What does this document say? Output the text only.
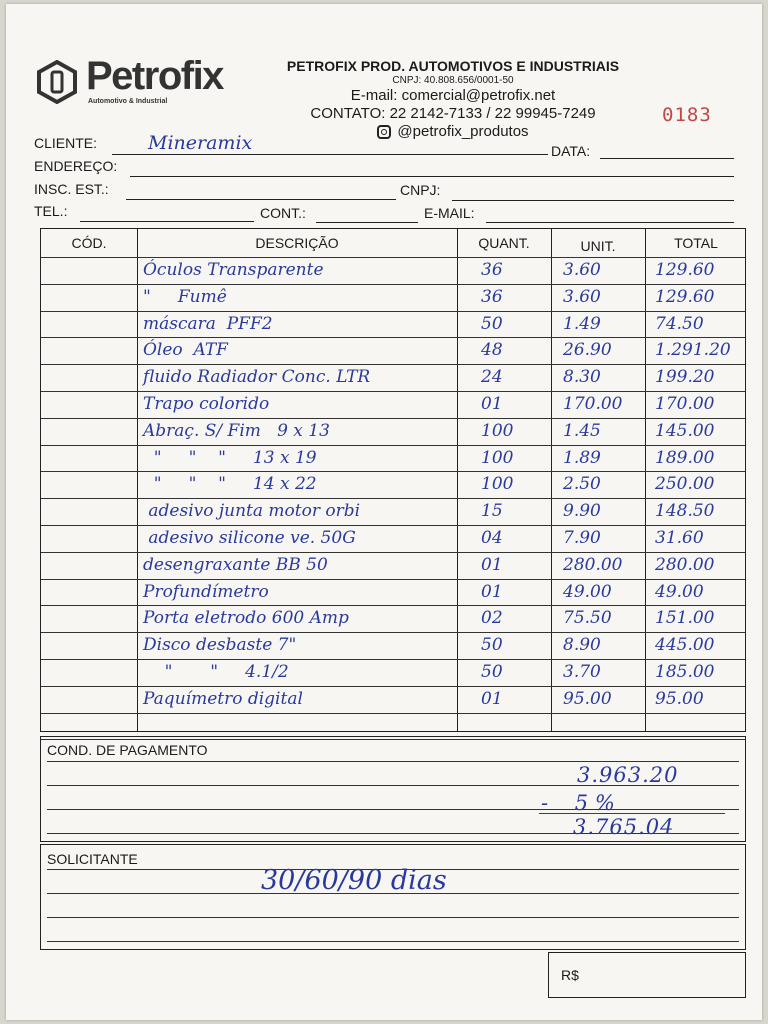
Petrofix
Automotivo & Industrial
PETROFIX PROD. AUTOMOTIVOS E INDUSTRIAIS
CNPJ: 40.808.656/0001-50
E-mail: comercial@petrofix.net
CONTATO: 22 2142-7133 / 22 99945-7249
@petrofix_produtos
0183
CLIENTE:	Mineramix	DATA:
ENDEREÇO:
INSC. EST.:	CNPJ:
TEL.:	CONT.:	E-MAIL:
CÓD.	DESCRIÇÃO	QUANT.	UNIT.	TOTAL
Óculos Transparente	36	3.60	129.60
"     Fumê	36	3.60	129.60
máscara  PFF2	50	1.49	74.50
Óleo  ATF	48	26.90	1.291.20
fluido Radiador Conc. LTR	24	8.30	199.20
Trapo colorido	01	170.00 170.00
Abraç. S/ Fim   9 x 13	100	1.45	145.00
"     "    "     13 x 19	100	1.89	189.00
"     "    "     14 x 22	100	2.50	250.00
adesivo junta motor orbi	15	9.90	148.50
adesivo silicone ve. 50G	04	7.90	31.60
desengraxante BB 50	01	280.00 280.00
Profundímetro	01	49.00	49.00
Porta eletrodo 600 Amp	02	75.50	151.00
Disco desbaste 7"	50	8.90	445.00
"       "     4.1/2	50	3.70	185.00
Paquímetro digital	01	95.00	95.00
COND. DE PAGAMENTO
3.963.20
-    5 %
3.765.04
SOLICITANTE
30/60/90 dias
R$
